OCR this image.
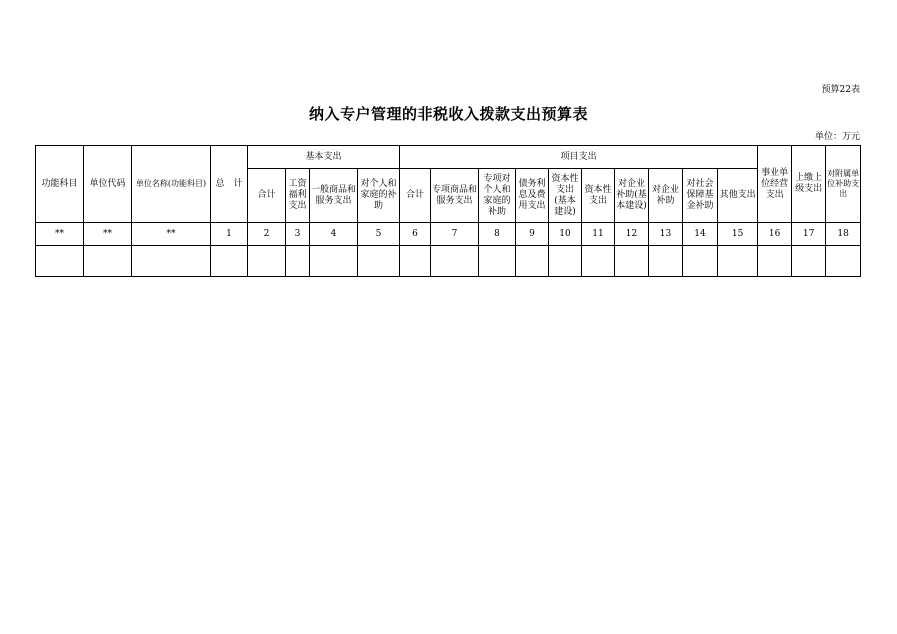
预算22表
纳入专户管理的非税收入拨款支出预算表
单位：万元
功能科目	单位代码	单位名称(功能科目)	总　计	基本支出				项目支出										事业单位经营支出	上缴上级支出	对附属单位补助支出
				合计	工资福利支出	一般商品和服务支出	对个人和家庭的补助	合计	专项商品和服务支出	专项对个人和家庭的补助	债务利息及费用支出	资本性支出(基本建设)	资本性支出	对企业补助(基本建设)	对企业补助	对社会保障基金补助	其他支出			
**	**	**	1	2	3	4	5	6	7	8	9	10	11	12	13	14	15	16	17	18
